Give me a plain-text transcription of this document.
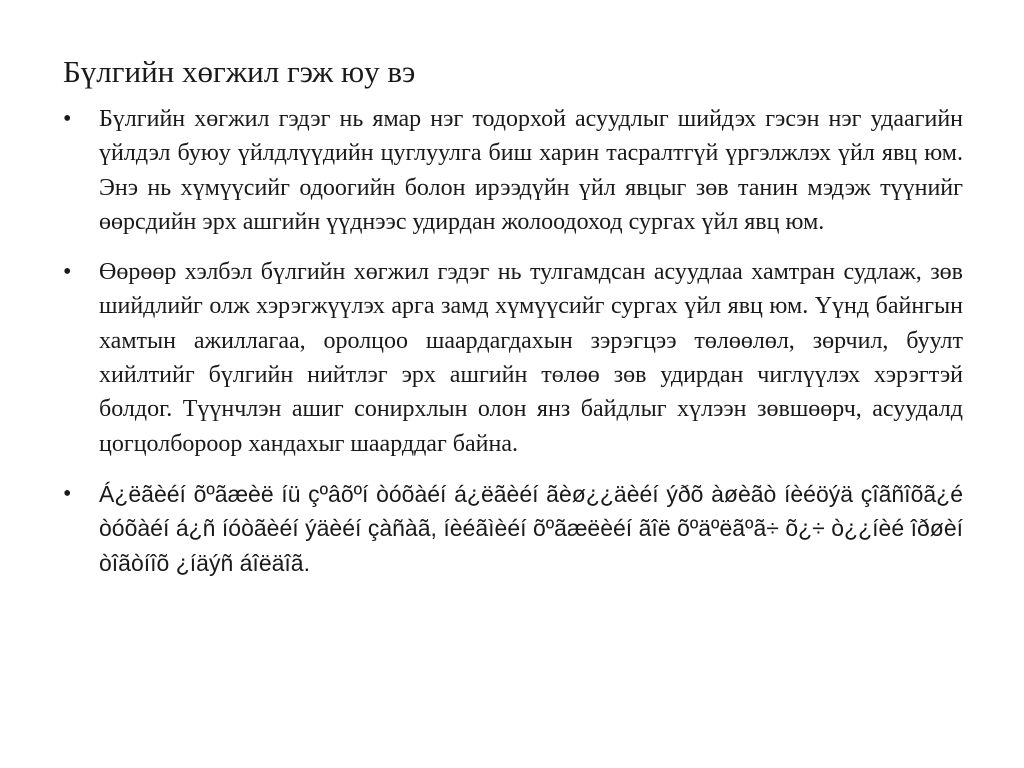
Бүлгийн хөгжил гэж юу вэ
• Бүлгийн хөгжил гэдэг нь ямар нэг тодорхой асуудлыг шийдэх гэсэн нэг удаагийн үйлдэл буюу үйлдлүүдийн цуглуулга биш харин тасралтгүй үргэлжлэх үйл явц юм. Энэ нь хүмүүсийг одоогийн болон ирээдүйн үйл явцыг зөв танин мэдэж түүнийг өөрсдийн эрх ашгийн үүднээс удирдан жолоодоход сургах үйл явц юм.
• Өөрөөр хэлбэл бүлгийн хөгжил гэдэг нь тулгамдсан асуудлаа хамтран судлаж, зөв шийдлийг олж хэрэгжүүлэх арга замд хүмүүсийг сургах үйл явц юм. Үүнд байнгын хамтын ажиллагаа, оролцоо шаардагдахын зэрэгцээ төлөөлөл, зөрчил, буулт хийлтийг бүлгийн нийтлэг эрх ашгийн төлөө зөв удирдан чиглүүлэх хэрэгтэй болдог. Түүнчлэн ашиг сонирхлын олон янз байдлыг хүлээн зөвшөөрч, асуудалд цогцолбороор хандахыг шаарддаг байна.
• Á¿ëãèéí õºãæèë íü çºâõºí òóõàéí á¿ëãèéí ãèø¿¿äèéí ýðõ àøèãò íèéöýä çîãñîõã¿é òóõàéí á¿ñ íóòãèéí ýäèéí çàñàã, íèéãìèéí õºãæëèéí ãîë õºäºëãºã÷ õ¿÷ ò¿¿íèé îðøèí òîãòíîõ ¿íäýñ áîëäîã.
